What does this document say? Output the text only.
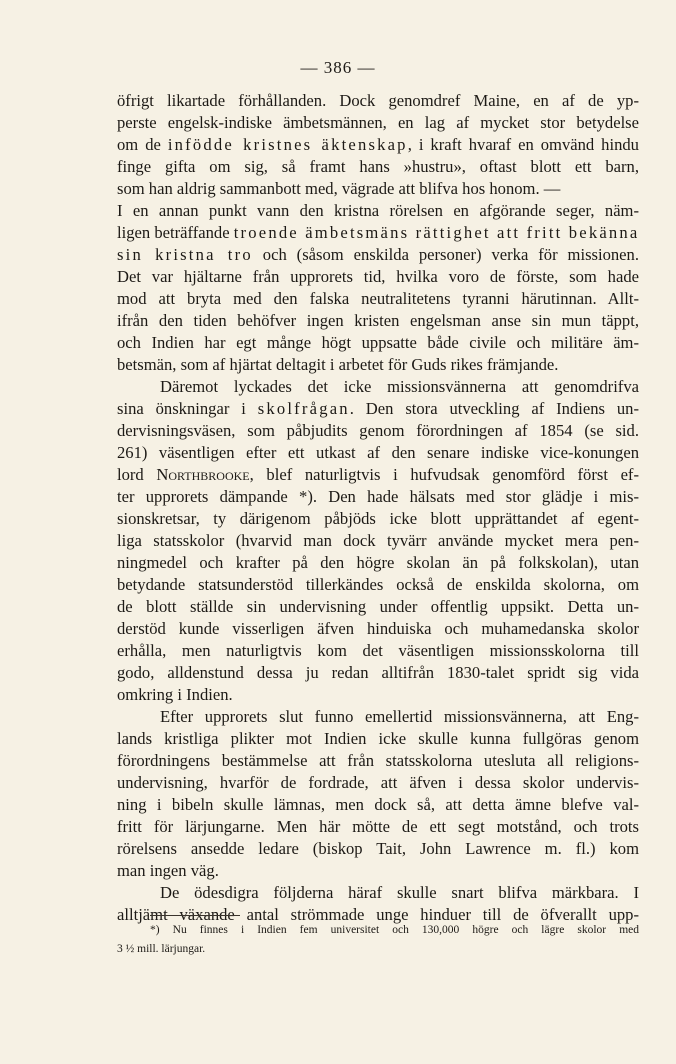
— 386 —
öfrigt likartade förhållanden. Dock genomdref Maine, en af de yp-
perste engelsk-indiske ämbetsmännen, en lag af mycket stor betydelse
om de infödde kristnes äktenskap, i kraft hvaraf en omvänd hindu
finge gifta om sig, så framt hans »hustru», oftast blott ett barn,
som han aldrig sammanbott med, vägrade att blifva hos honom. —
I en annan punkt vann den kristna rörelsen en afgörande seger, näm-
ligen beträffande troende ämbetsmäns rättighet att fritt bekänna
sin kristna tro och (såsom enskilda personer) verka för missionen.
Det var hjältarne från upprorets tid, hvilka voro de förste, som hade
mod att bryta med den falska neutralitetens tyranni härutinnan. Allt-
ifrån den tiden behöfver ingen kristen engelsman anse sin mun täppt,
och Indien har egt månge högt uppsatte både civile och militäre äm-
betsmän, som af hjärtat deltagit i arbetet för Guds rikes främjande.
Däremot lyckades det icke missionsvännerna att genomdrifva
sina önskningar i skolfrågan. Den stora utveckling af Indiens un-
dervisningsväsen, som påbjudits genom förordningen af 1854 (se sid.
261) väsentligen efter ett utkast af den senare indiske vice-konungen
lord Northbrooke, blef naturligtvis i hufvudsak genomförd först ef-
ter upprorets dämpande *). Den hade hälsats med stor glädje i mis-
sionskretsar, ty därigenom påbjöds icke blott upprättandet af egent-
liga statsskolor (hvarvid man dock tyvärr använde mycket mera pen-
ningmedel och krafter på den högre skolan än på folkskolan), utan
betydande statsunderstöd tillerkändes också de enskilda skolorna, om
de blott ställde sin undervisning under offentlig uppsikt. Detta un-
derstöd kunde visserligen äfven hinduiska och muhamedanska skolor
erhålla, men naturligtvis kom det väsentligen missionsskolorna till
godo, alldenstund dessa ju redan alltifrån 1830-talet spridt sig vida
omkring i Indien.
Efter upprorets slut funno emellertid missionsvännerna, att Eng-
lands kristliga plikter mot Indien icke skulle kunna fullgöras genom
förordningens bestämmelse att från statsskolorna utesluta all religions-
undervisning, hvarför de fordrade, att äfven i dessa skolor undervis-
ning i bibeln skulle lämnas, men dock så, att detta ämne blefve val-
fritt för lärjungarne. Men här mötte de ett segt motstånd, och trots
rörelsens ansedde ledare (biskop Tait, John Lawrence m. fl.) kom
man ingen väg.
De ödesdigra följderna häraf skulle snart blifva märkbara. I
alltjämt växande antal strömmade unge hinduer till de öfverallt upp-
*) Nu finnes i Indien fem universitet och 130,000 högre och lägre skolor med
3 ½ mill. lärjungar.
